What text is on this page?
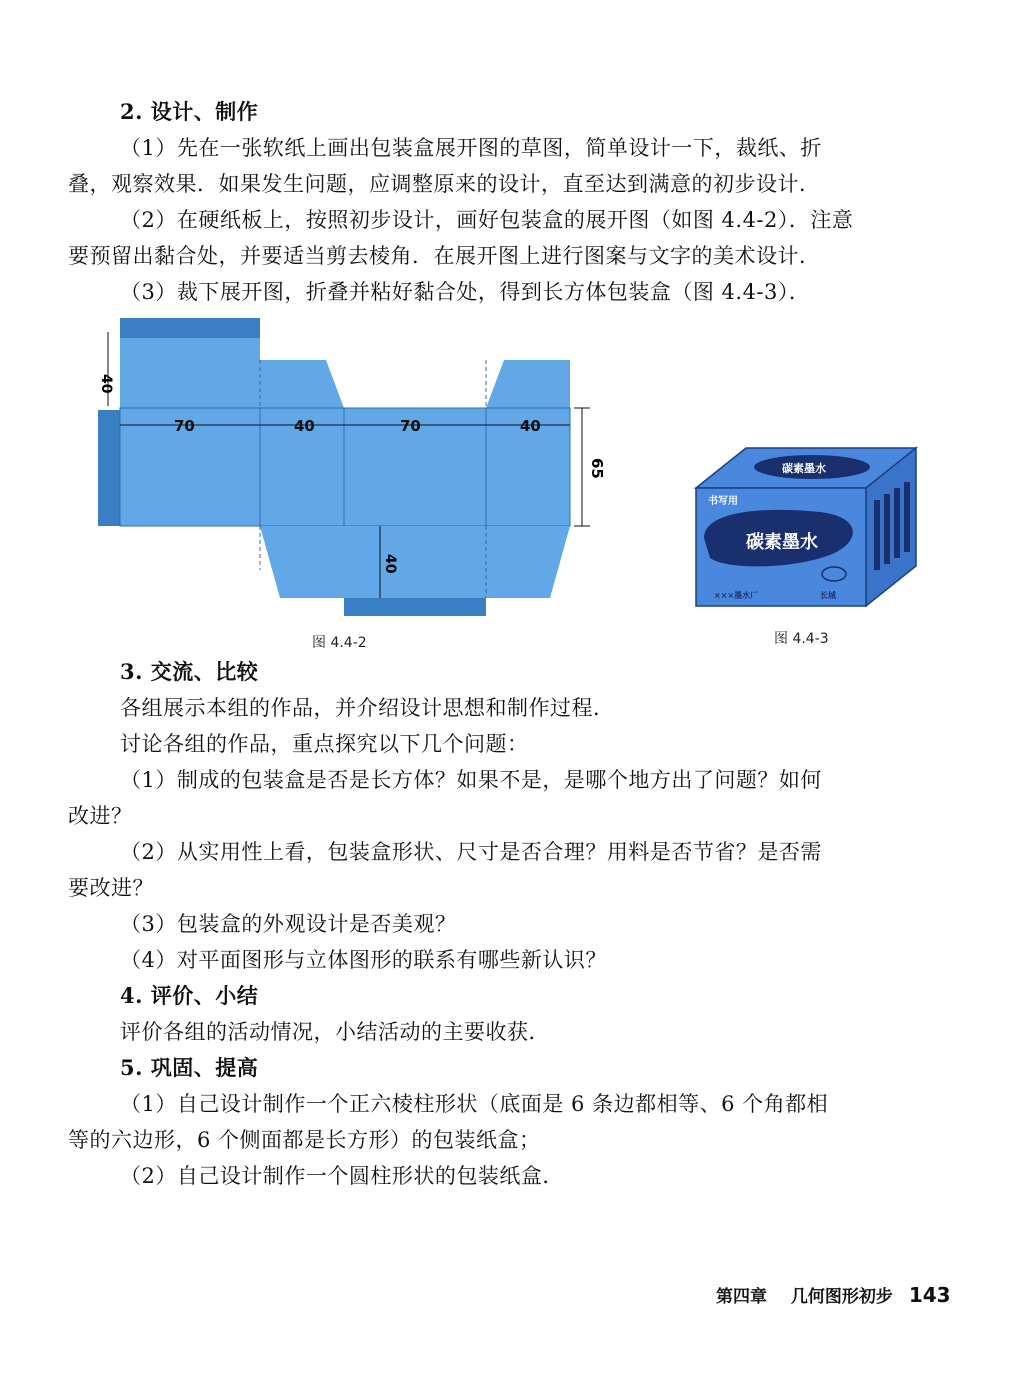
2. 设计、制作
（1）先在一张软纸上画出包装盒展开图的草图，简单设计一下，裁纸、折
叠，观察效果．如果发生问题，应调整原来的设计，直至达到满意的初步设计．
（2）在硬纸板上，按照初步设计，画好包装盒的展开图（如图 4.4-2）．注意
要预留出黏合处，并要适当剪去棱角．在展开图上进行图案与文字的美术设计．
（3）裁下展开图，折叠并粘好黏合处，得到长方体包装盒（图 4.4-3）．
40
70	40	70	40
65
40
图 4.4-2
碳素墨水
书写用
碳素墨水
×××墨水厂	长城
图 4.4-3
3. 交流、比较
各组展示本组的作品，并介绍设计思想和制作过程．
讨论各组的作品，重点探究以下几个问题：
（1）制成的包装盒是否是长方体？如果不是，是哪个地方出了问题？如何
改进？
（2）从实用性上看，包装盒形状、尺寸是否合理？用料是否节省？是否需
要改进？
（3）包装盒的外观设计是否美观？
（4）对平面图形与立体图形的联系有哪些新认识？
4. 评价、小结
评价各组的活动情况，小结活动的主要收获．
5. 巩固、提高
（1）自己设计制作一个正六棱柱形状（底面是 6 条边都相等、6 个角都相
等的六边形，6 个侧面都是长方形）的包装纸盒；
（2）自己设计制作一个圆柱形状的包装纸盒．
第四章 几何图形初步 143
